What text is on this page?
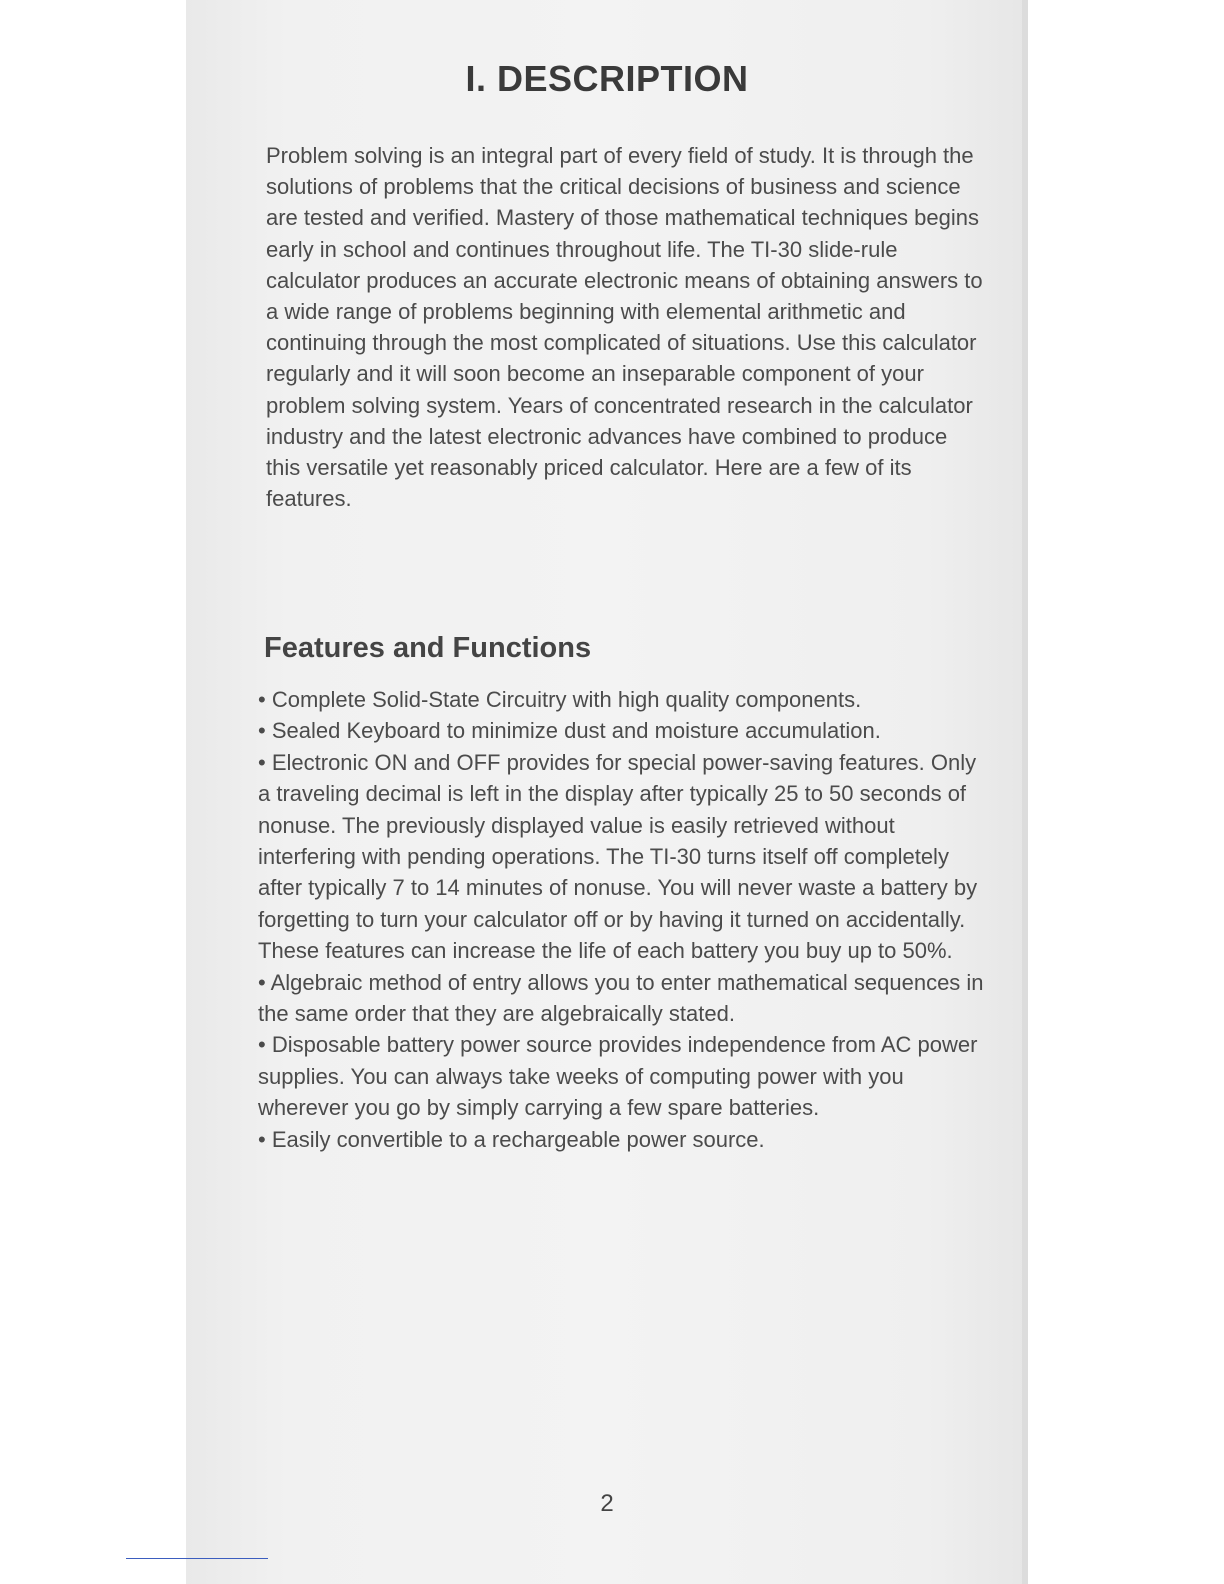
I. DESCRIPTION

Problem solving is an integral part of every field of study. It is through the solutions of problems that the critical decisions of business and science are tested and verified. Mastery of those mathematical techniques begins early in school and continues throughout life. The TI-30 slide-rule calculator produces an accurate electronic means of obtaining answers to a wide range of problems beginning with elemental arithmetic and continuing through the most complicated of situations. Use this calculator regularly and it will soon become an inseparable component of your problem solving system. Years of concentrated research in the calculator industry and the latest electronic advances have combined to produce this versatile yet reasonably priced calculator. Here are a few of its features.

Features and Functions
• Complete Solid-State Circuitry with high quality components.
• Sealed Keyboard to minimize dust and moisture accumulation.
• Electronic ON and OFF provides for special power-saving features. Only a traveling decimal is left in the display after typically 25 to 50 seconds of nonuse. The previously displayed value is easily retrieved without interfering with pending operations. The TI-30 turns itself off completely after typically 7 to 14 minutes of nonuse. You will never waste a battery by forgetting to turn your calculator off or by having it turned on accidentally. These features can increase the life of each battery you buy up to 50%.
• Algebraic method of entry allows you to enter mathematical sequences in the same order that they are algebraically stated.
• Disposable battery power source provides independence from AC power supplies. You can always take weeks of computing power with you wherever you go by simply carrying a few spare batteries.
• Easily convertible to a rechargeable power source.
2
